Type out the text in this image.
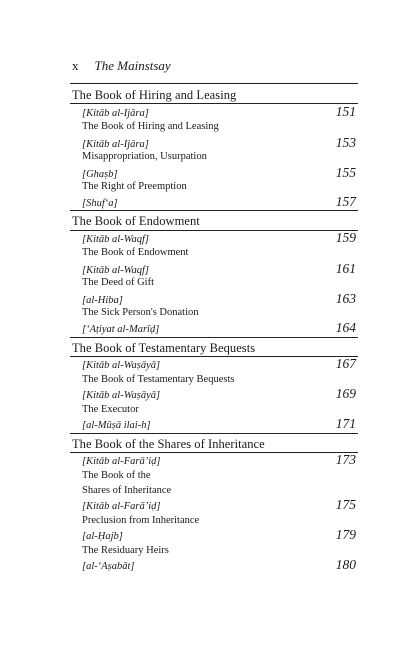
x The Mainstsay
The Book of Hiring and Leasing
[Kitāb al-Ijāra]	151
The Book of Hiring and Leasing
[Kitāb al-Ijāra]	153
Misappropriation, Usurpation
[Ghaṣb]	155
The Right of Preemption
[Shuf‘a]	157
The Book of Endowment
[Kitāb al-Waqf]	159
The Book of Endowment
[Kitāb al-Waqf]	161
The Deed of Gift
[al-Hiba]	163
The Sick Person's Donation
[‘Aṭiyat al-Marīḍ]	164
The Book of Testamentary Bequests
[Kitāb al-Waṣāyā]	167
The Book of Testamentary Bequests
[Kitāb al-Waṣāyā]	169
The Executor
[al-Mūṣā ilai-h]	171
The Book of the Shares of Inheritance
[Kitāb al-Farā’iḍ]	173
The Book of the
Shares of Inheritance
[Kitāb al-Farā’iḍ]	175
Preclusion from Inheritance
[al-Ḥajb]	179
The Residuary Heirs
[al-‘Aṣabāt]	180
